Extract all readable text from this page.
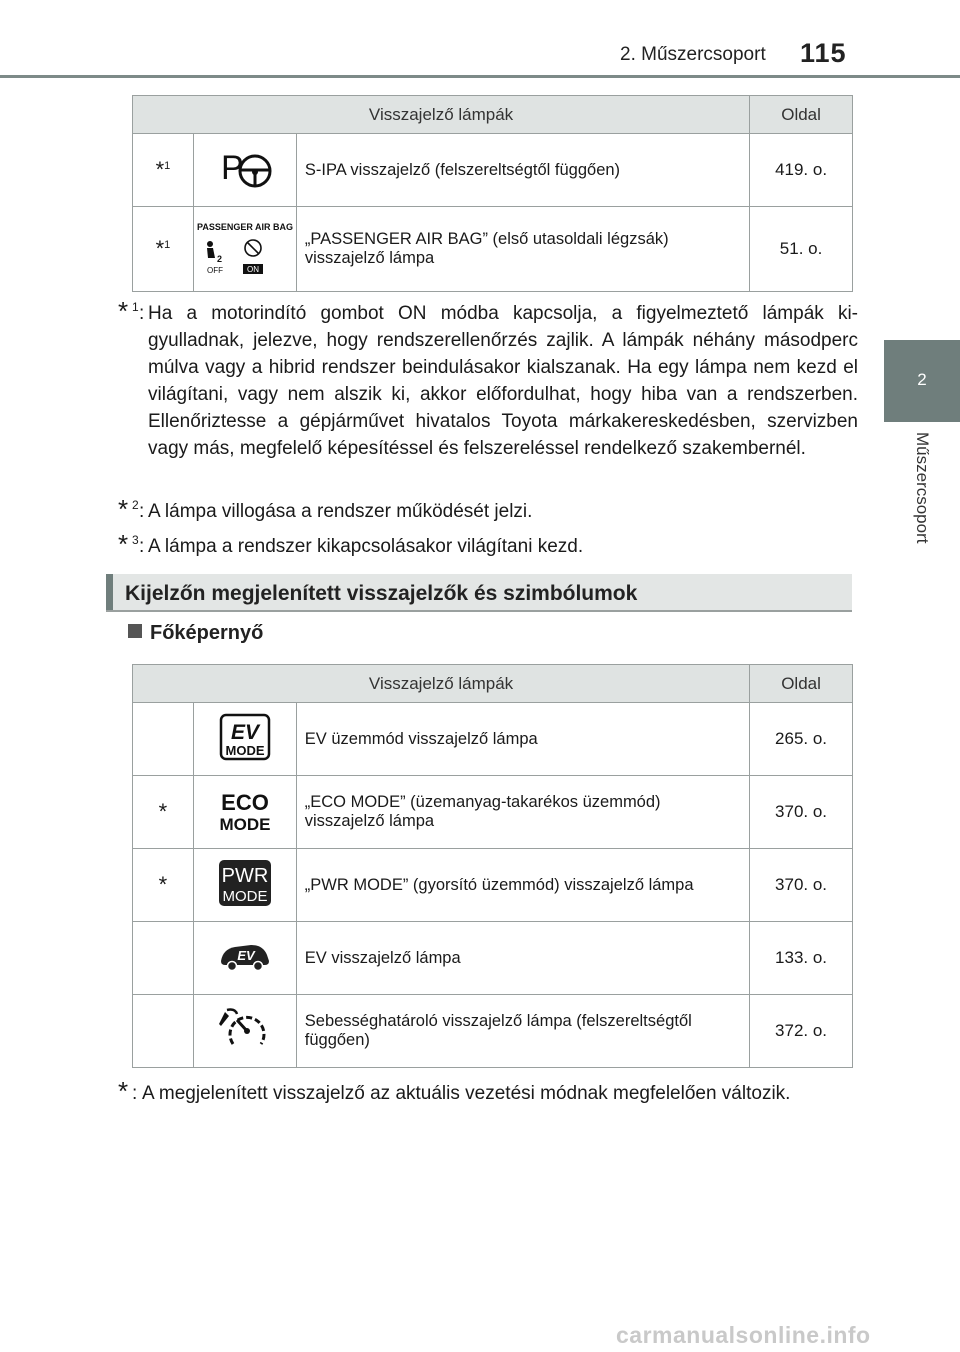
2. Műszercsoport 115
2
Műszercsoport
Visszajelző lámpák			Oldal
*$^1$	P	S-IPA visszajelző (felszereltségtől függően)	419. o.
*$^1$	PASSENGER AIR BAG
2
OFF ON	„PASSENGER AIR BAG” (első utasoldali légzsák) visszajelző lámpa	51. o.
* 1 : Ha a motorindító gombot ON módba kapcsolja, a figyelmeztető lámpák kigyulladnak, jelezve, hogy rendszerellenőrzés zajlik. A lámpák néhány másodperc múlva vagy a hibrid rendszer beindulásakor kialszanak. Ha egy lámpa nem kezd el világítani, vagy nem alszik ki, akkor előfordulhat, hogy hiba van a rendszerben. Ellenőriztesse a gépjárművet hivatalos Toyota márkakereskedésben, szervizben vagy más, megfelelő képesítéssel és felszereléssel rendelkező szakembernél.
* 2 : A lámpa villogása a rendszer működését jelzi.
* 3 : A lámpa a rendszer kikapcsolásakor világítani kezd.
Kijelzőn megjelenített visszajelzők és szimbólumok
Főképernyő
Visszajelző lámpák			Oldal

EV
MODE	EV üzemmód visszajelző lámpa	265. o.
*	ECO
MODE	„ECO MODE” (üzemanyag-takarékos üzemmód) visszajelző lámpa	370. o.
*	PWR
MODE	„PWR MODE” (gyorsító üzemmód) visszajelző lámpa	370. o.

EV	EV visszajelző lámpa	133. o.
		Sebességhatároló visszajelző lámpa (felszereltségtől függően)	372. o.
* : A megjelenített visszajelző az aktuális vezetési módnak megfelelően változik.
carmanualsonline.info
